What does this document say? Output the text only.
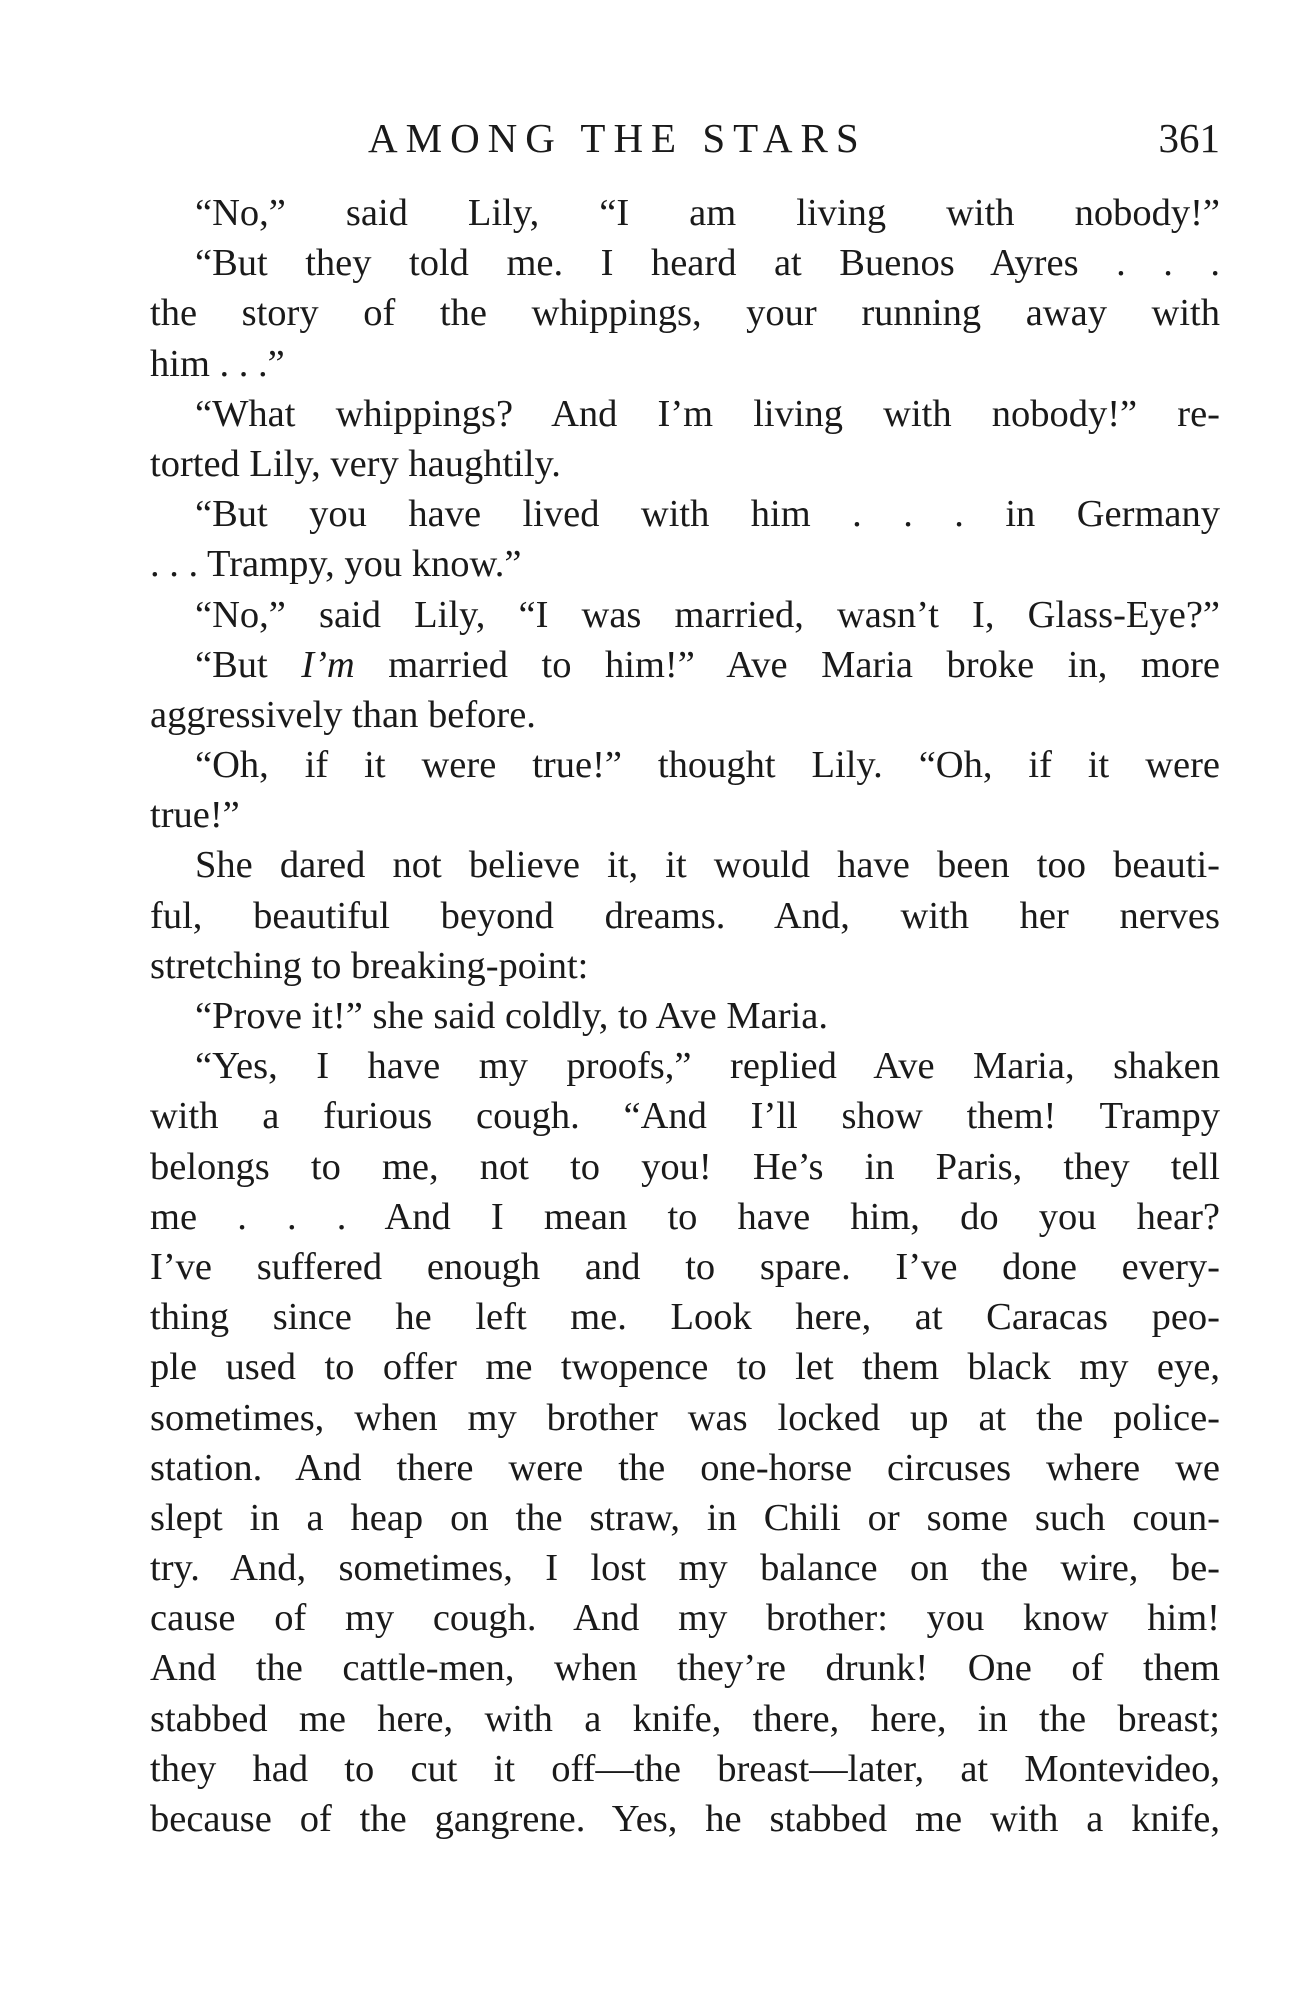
AMONG THE STARS	361
“No,” said Lily, “I am living with nobody!”
“But they told me. I heard at Buenos Ayres . . .
the story of the whippings, your running away with
him . . .”
“What whippings? And I’m living with nobody!” re-
torted Lily, very haughtily.
“But you have lived with him . . . in Germany
. . . Trampy, you know.”
“No,” said Lily, “I was married, wasn’t I, Glass-Eye?”
“But I’m married to him!” Ave Maria broke in, more
aggressively than before.
“Oh, if it were true!” thought Lily. “Oh, if it were
true!”
She dared not believe it, it would have been too beauti-
ful, beautiful beyond dreams. And, with her nerves
stretching to breaking-point:
“Prove it!” she said coldly, to Ave Maria.
“Yes, I have my proofs,” replied Ave Maria, shaken
with a furious cough. “And I’ll show them! Trampy
belongs to me, not to you! He’s in Paris, they tell
me . . . And I mean to have him, do you hear?
I’ve suffered enough and to spare. I’ve done every-
thing since he left me. Look here, at Caracas peo-
ple used to offer me twopence to let them black my eye,
sometimes, when my brother was locked up at the police-
station. And there were the one-horse circuses where we
slept in a heap on the straw, in Chili or some such coun-
try. And, sometimes, I lost my balance on the wire, be-
cause of my cough. And my brother: you know him!
And the cattle-men, when they’re drunk! One of them
stabbed me here, with a knife, there, here, in the breast;
they had to cut it off—the breast—later, at Montevideo,
because of the gangrene. Yes, he stabbed me with a knife,
